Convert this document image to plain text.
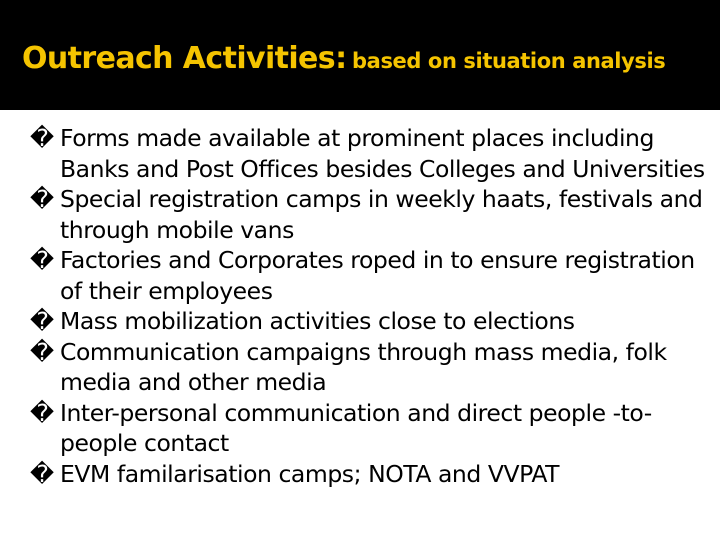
Outreach Activities: based on situation analysis
� Forms made available at prominent places including Banks and Post Offices besides Colleges and Universities
� Special registration camps in weekly haats, festivals and through mobile vans
� Factories and Corporates roped in to ensure registration of their employees
� Mass mobilization activities close to elections
� Communication campaigns through mass media, folk media and other media
� Inter-personal communication and direct people -to-people contact
� EVM familarisation camps; NOTA and VVPAT
